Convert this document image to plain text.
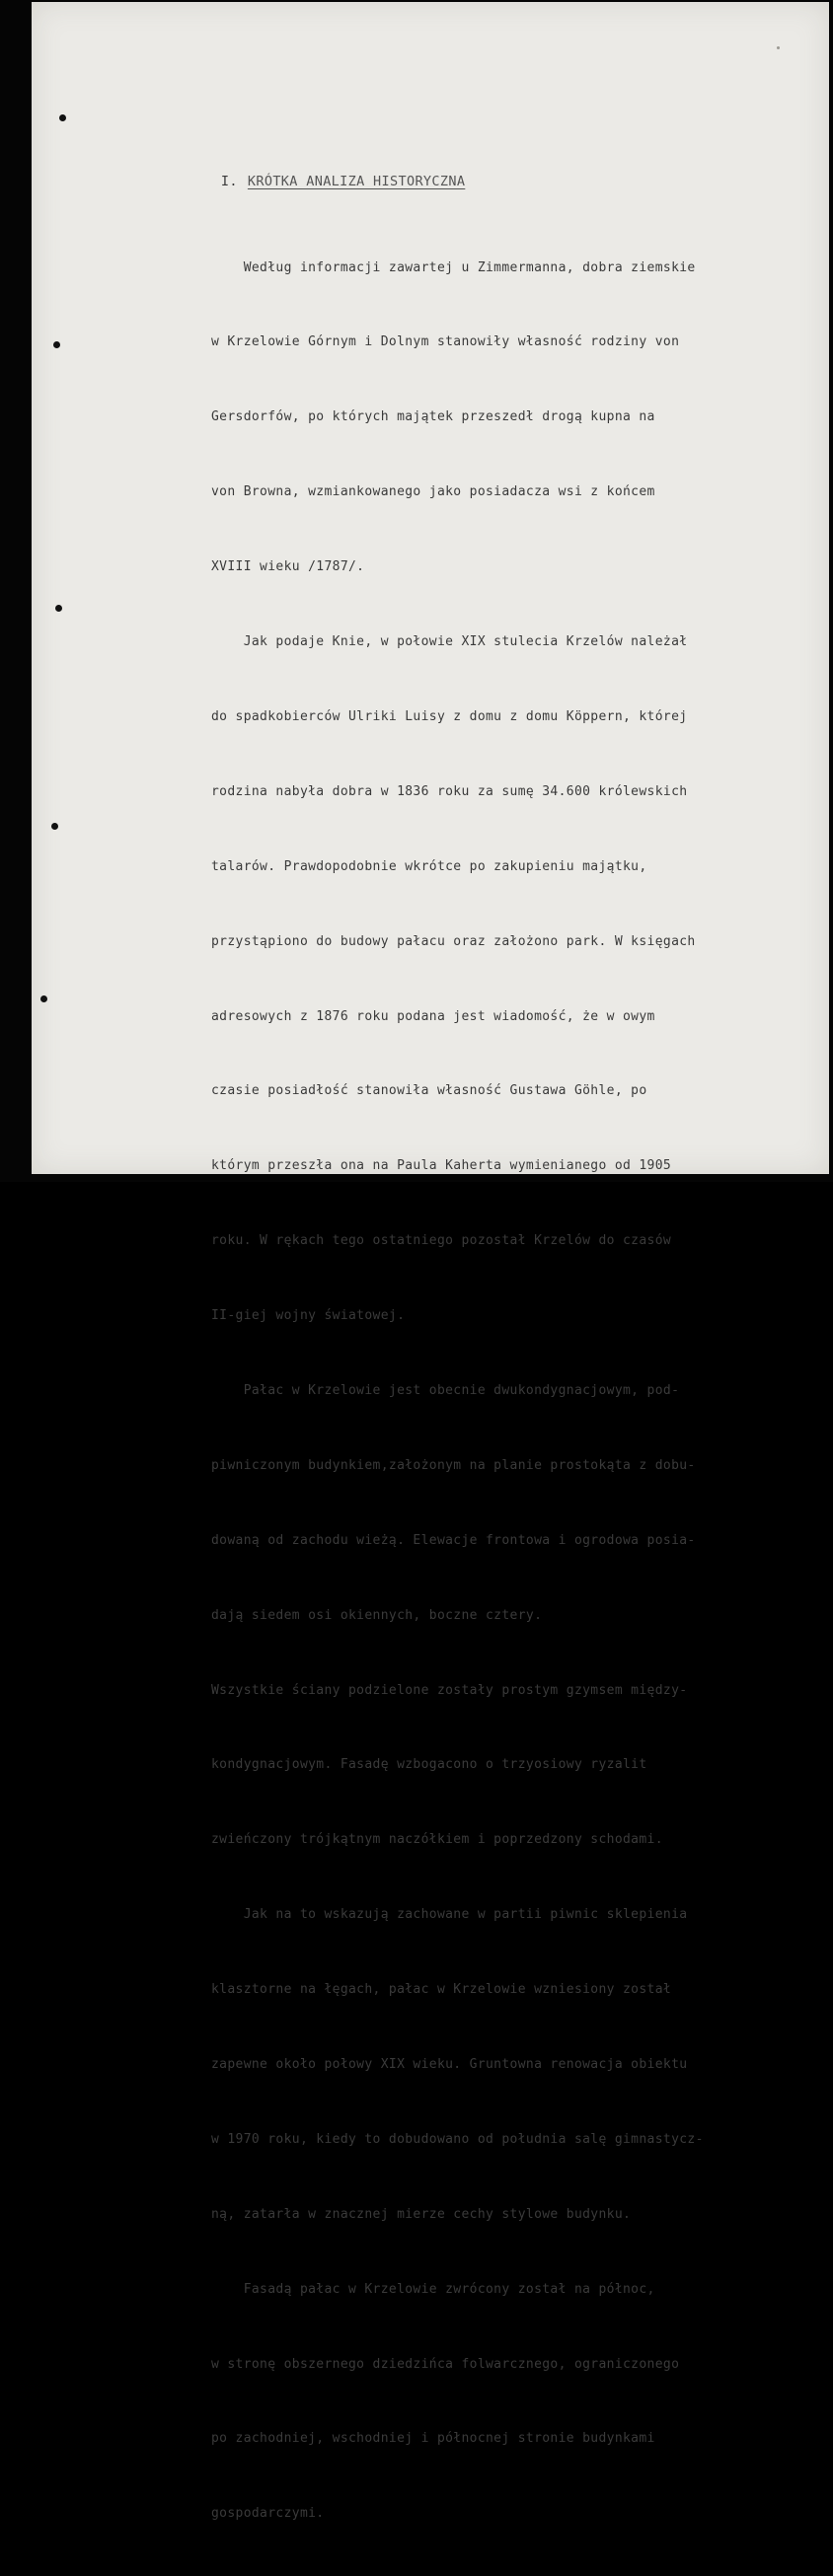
I. KRÓTKA ANALIZA HISTORYCZNA

Według informacji zawartej u Zimmermanna, dobra ziemskie

w Krzelowie Górnym i Dolnym stanowiły własność rodziny von

Gersdorfów, po których majątek przeszedł drogą kupna na

von Browna, wzmiankowanego jako posiadacza wsi z końcem

XVIII wieku /1787/.

Jak podaje Knie, w połowie XIX stulecia Krzelów należał

do spadkobierców Ulriki Luisy z domu z domu Köppern, której

rodzina nabyła dobra w 1836 roku za sumę 34.600 królewskich

talarów. Prawdopodobnie wkrótce po zakupieniu majątku,

przystąpiono do budowy pałacu oraz założono park. W księgach

adresowych z 1876 roku podana jest wiadomość, że w owym

czasie posiadłość stanowiła własność Gustawa Göhle, po

którym przeszła ona na Paula Kaherta wymienianego od 1905

roku. W rękach tego ostatniego pozostał Krzelów do czasów

II-giej wojny światowej.

Pałac w Krzelowie jest obecnie dwukondygnacjowym, pod-

piwniczonym budynkiem,założonym na planie prostokąta z dobu-

dowaną od zachodu wieżą. Elewacje frontowa i ogrodowa posia-

dają siedem osi okiennych, boczne cztery.

Wszystkie ściany podzielone zostały prostym gzymsem między-

kondygnacjowym. Fasadę wzbogacono o trzyosiowy ryzalit

zwieńczony trójkątnym naczółkiem i poprzedzony schodami.

Jak na to wskazują zachowane w partii piwnic sklepienia

klasztorne na łęgach, pałac w Krzelowie wzniesiony został

zapewne około połowy XIX wieku. Gruntowna renowacja obiektu

w 1970 roku, kiedy to dobudowano od południa salę gimnastycz-

ną, zatarła w znacznej mierze cechy stylowe budynku.

Fasadą pałac w Krzelowie zwrócony został na północ,

w stronę obszernego dziedzińca folwarcznego, ograniczonego

po zachodniej, wschodniej i północnej stronie budynkami

gospodarczymi.
